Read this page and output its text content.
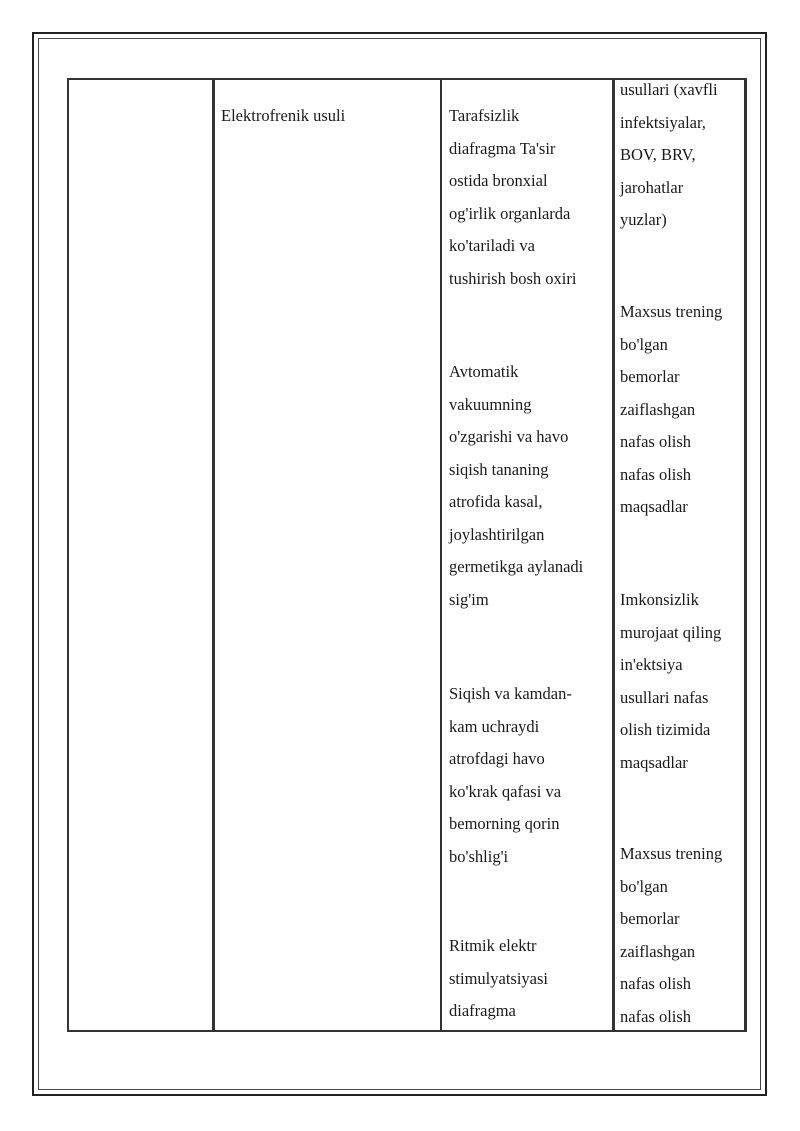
Elektrofrenik usuli	Tarafsizlik
diafragma Ta'sir
ostida bronxial
og'irlik organlarda
ko'tariladi va
tushirish bosh oxiri
Avtomatik
vakuumning
o'zgarishi va havo
siqish tananing
atrofida kasal,
joylashtirilgan
germetikga aylanadi
sig'im
Siqish va kamdan-
kam uchraydi
atrofdagi havo
ko'krak qafasi va
bemorning qorin
bo'shlig'i
Ritmik elektr
stimulyatsiyasi
diafragma
usullari (xavfli
infektsiyalar,
BOV, BRV,
jarohatlar
yuzlar)
Maxsus trening
bo'lgan
bemorlar
zaiflashgan
nafas olish
nafas olish
maqsadlar
Imkonsizlik
murojaat qiling
in'ektsiya
usullari nafas
olish tizimida
maqsadlar
Maxsus trening
bo'lgan
bemorlar
zaiflashgan
nafas olish
nafas olish
